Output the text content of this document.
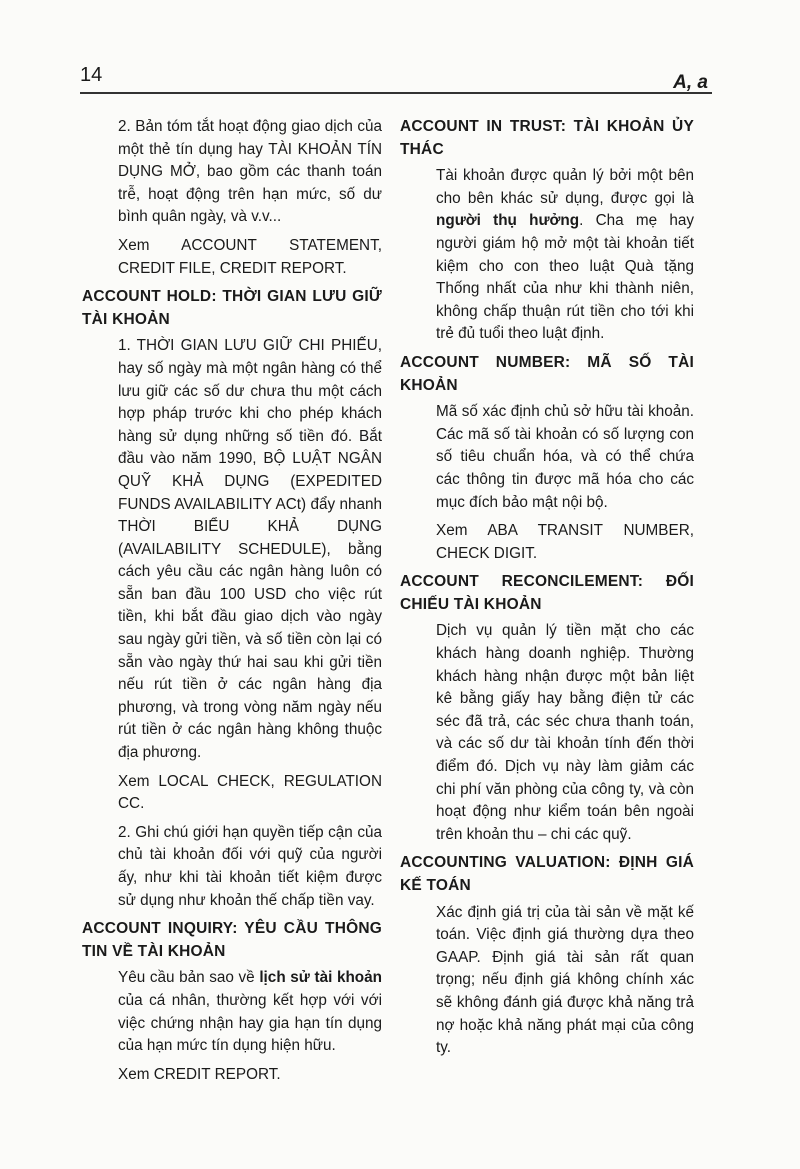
14	A, a

2. Bản tóm tắt hoạt động giao dịch của một thẻ tín dụng hay TÀI KHOẢN TÍN DỤNG MỞ, bao gồm các thanh toán trễ, hoạt động trên hạn mức, số dư bình quân ngày, và v.v...

Xem ACCOUNT STATEMENT, CREDIT FILE, CREDIT REPORT.

ACCOUNT HOLD: THỜI GIAN LƯU GIỮ TÀI KHOẢN

1. THỜI GIAN LƯU GIỮ CHI PHIẾU, hay số ngày mà một ngân hàng có thể lưu giữ các số dư chưa thu một cách hợp pháp trước khi cho phép khách hàng sử dụng những số tiền đó. Bắt đầu vào năm 1990, BỘ LUẬT NGÂN QUỸ KHẢ DỤNG (EXPEDITED FUNDS AVAILABILITY ACt) đẩy nhanh THỜI BIỂU KHẢ DỤNG (AVAILABILITY SCHEDULE), bằng cách yêu cầu các ngân hàng luôn có sẵn ban đầu 100 USD cho việc rút tiền, khi bắt đầu giao dịch vào ngày sau ngày gửi tiền, và số tiền còn lại có sẵn vào ngày thứ hai sau khi gửi tiền nếu rút tiền ở các ngân hàng địa phương, và trong vòng năm ngày nếu rút tiền ở các ngân hàng không thuộc địa phương.

Xem LOCAL CHECK, REGULATION CC.

2. Ghi chú giới hạn quyền tiếp cận của chủ tài khoản đối với quỹ của người ấy, như khi tài khoản tiết kiệm được sử dụng như khoản thế chấp tiền vay.

ACCOUNT INQUIRY: YÊU CẦU THÔNG TIN VỀ TÀI KHOẢN

Yêu cầu bản sao về lịch sử tài khoản của cá nhân, thường kết hợp với với việc chứng nhận hay gia hạn tín dụng của hạn mức tín dụng hiện hữu.

Xem CREDIT REPORT.

ACCOUNT IN TRUST: TÀI KHOẢN ỦY THÁC

Tài khoản được quản lý bởi một bên cho bên khác sử dụng, được gọi là người thụ hưởng. Cha mẹ hay người giám hộ mở một tài khoản tiết kiệm cho con theo luật Quà tặng Thống nhất của như khi thành niên, không chấp thuận rút tiền cho tới khi trẻ đủ tuổi theo luật định.

ACCOUNT NUMBER: MÃ SỐ TÀI KHOẢN

Mã số xác định chủ sở hữu tài khoản. Các mã số tài khoản có số lượng con số tiêu chuẩn hóa, và có thể chứa các thông tin được mã hóa cho các mục đích bảo mật nội bộ.

Xem ABA TRANSIT NUMBER, CHECK DIGIT.

ACCOUNT RECONCILEMENT: ĐỐI CHIẾU TÀI KHOẢN

Dịch vụ quản lý tiền mặt cho các khách hàng doanh nghiệp. Thường khách hàng nhận được một bản liệt kê bằng giấy hay bằng điện tử các séc đã trả, các séc chưa thanh toán, và các số dư tài khoản tính đến thời điểm đó. Dịch vụ này làm giảm các chi phí văn phòng của công ty, và còn hoạt động như kiểm toán bên ngoài trên khoản thu – chi các quỹ.

ACCOUNTING VALUATION: ĐỊNH GIÁ KẾ TOÁN

Xác định giá trị của tài sản về mặt kế toán. Việc định giá thường dựa theo GAAP. Định giá tài sản rất quan trọng; nếu định giá không chính xác sẽ không đánh giá được khả năng trả nợ hoặc khả năng phát mại của công ty.
